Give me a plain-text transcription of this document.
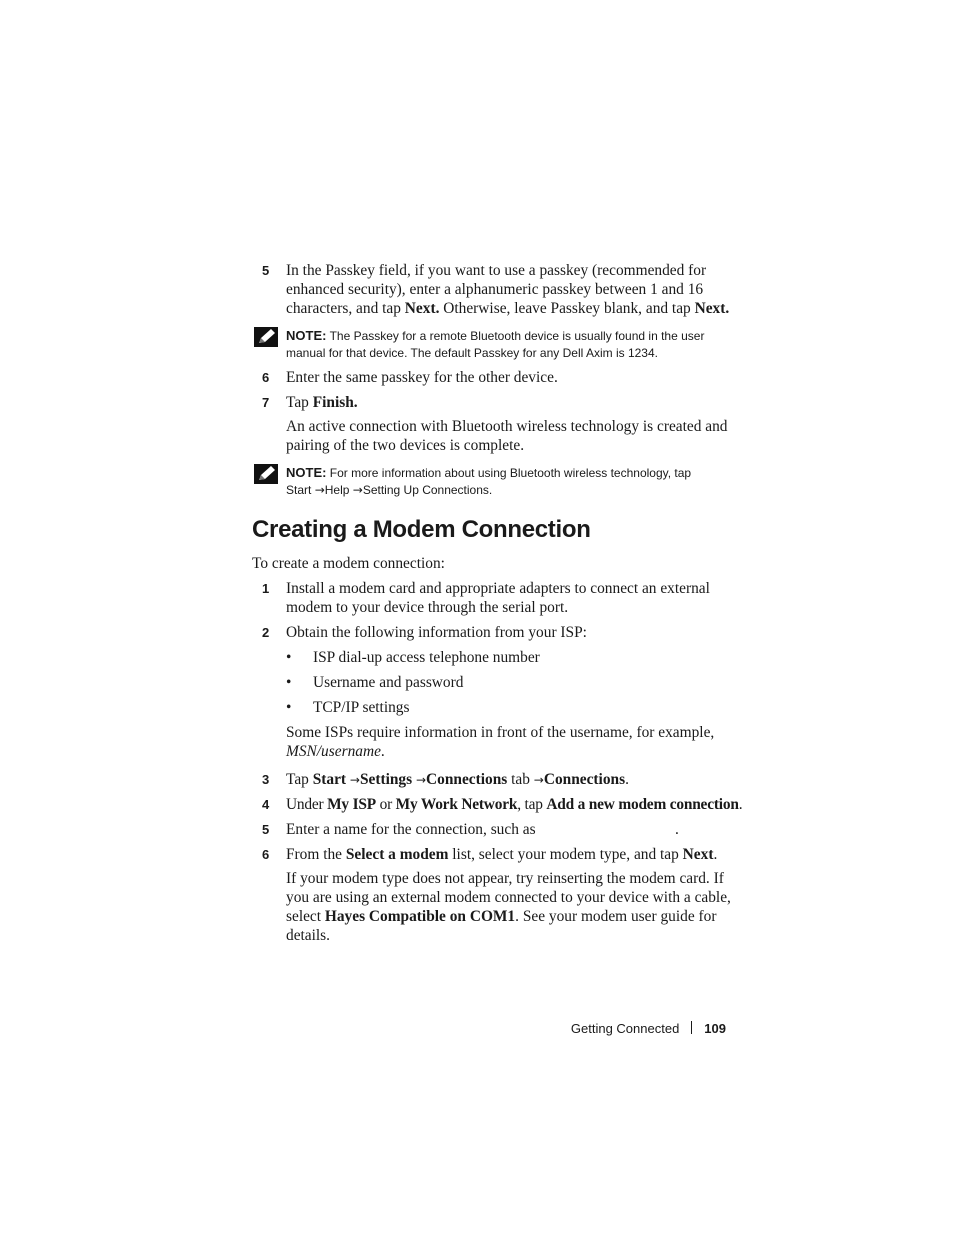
5 In the Passkey field, if you want to use a passkey (recommended for enhanced security), enter a alphanumeric passkey between 1 and 16 characters, and tap Next. Otherwise, leave Passkey blank, and tap Next.
NOTE: The Passkey for a remote Bluetooth device is usually found in the user manual for that device. The default Passkey for any Dell Axim is 1234.
6 Enter the same passkey for the other device.
7 Tap Finish.
An active connection with Bluetooth wireless technology is created and pairing of the two devices is complete.
NOTE: For more information about using Bluetooth wireless technology, tap
Start →Help →Setting Up Connections.
Creating a Modem Connection
To create a modem connection:
1 Install a modem card and appropriate adapters to connect an external modem to your device through the serial port.
2 Obtain the following information from your ISP:
• ISP dial-up access telephone number
• Username and password
• TCP/IP settings
Some ISPs require information in front of the username, for example, MSN/username.
3 Tap Start →Settings →Connections tab →Connections.
4 Under My ISP or My Work Network, tap Add a new modem connection.
5 Enter a name for the connection, such as	.
6 From the Select a modem list, select your modem type, and tap Next.
If your modem type does not appear, try reinserting the modem card. If you are using an external modem connected to your device with a cable, select Hayes Compatible on COM1. See your modem user guide for details.
Getting Connected 109
